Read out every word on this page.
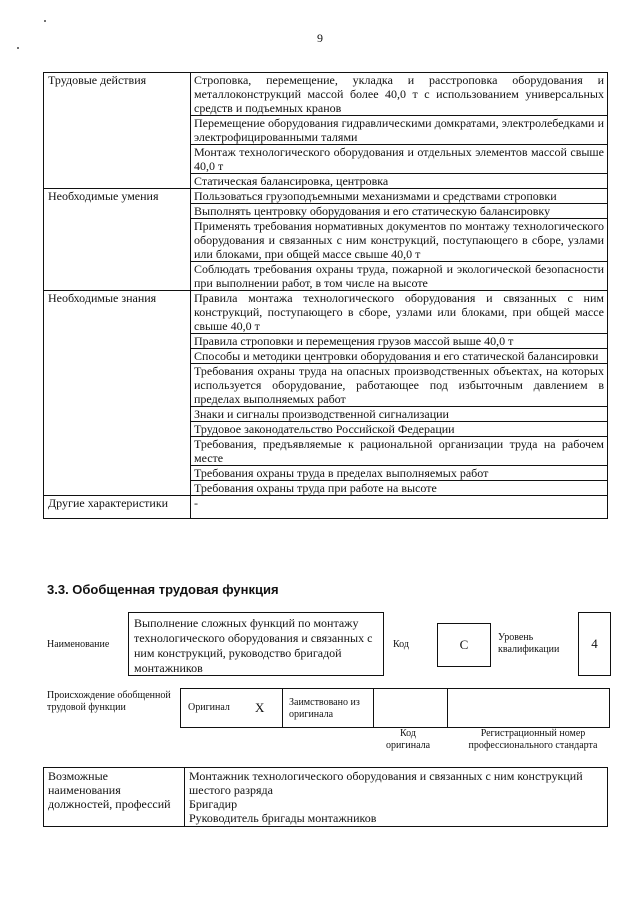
9
Трудовые действия	Строповка, перемещение, укладка и расстроповка оборудования и металлоконструкций массой более 40,0 т с использованием универсальных средств и подъемных кранов
	Перемещение оборудования гидравлическими домкратами, электролебедками и электрофицированными талями
	Монтаж технологического оборудования и отдельных элементов массой свыше 40,0 т
	Статическая балансировка, центровка
Необходимые умения	Пользоваться грузоподъемными механизмами и средствами строповки
	Выполнять центровку оборудования и его статическую балансировку
	Применять требования нормативных документов по монтажу технологического оборудования и связанных с ним конструкций, поступающего в сборе, узлами или блоками, при общей массе свыше 40,0 т
	Соблюдать требования охраны труда, пожарной и экологической безопасности при выполнении работ, в том числе на высоте
Необходимые знания	Правила монтажа технологического оборудования и связанных с ним конструкций, поступающего в сборе, узлами или блоками, при общей массе свыше 40,0 т
	Правила строповки и перемещения грузов массой выше 40,0 т
	Способы и методики центровки оборудования и его статической балансировки
	Требования охраны труда на опасных производственных объектах, на которых используется оборудование, работающее под избыточным давлением в пределах выполняемых работ
	Знаки и сигналы производственной сигнализации
	Трудовое законодательство Российской Федерации
	Требования, предъявляемые к рациональной организации труда на рабочем месте
	Требования охраны труда в пределах выполняемых работ
	Требования охраны труда при работе на высоте
Другие характеристики	-
3.3. Обобщенная трудовая функция
Наименование
Выполнение сложных функций по монтажу технологического оборудования и связанных с ним конструкций, руководство бригадой монтажников
Код	С	Уровень квалификации	4
Происхождение обобщенной трудовой функции	Оригинал Х Заимствовано из оригинала
Код оригинала
Регистрационный номер профессионального стандарта
Возможные наименования должностей, профессий	
Монтажник технологического оборудования и связанных с ним конструкций шестого разряда
Бригадир
Руководитель бригады монтажников
